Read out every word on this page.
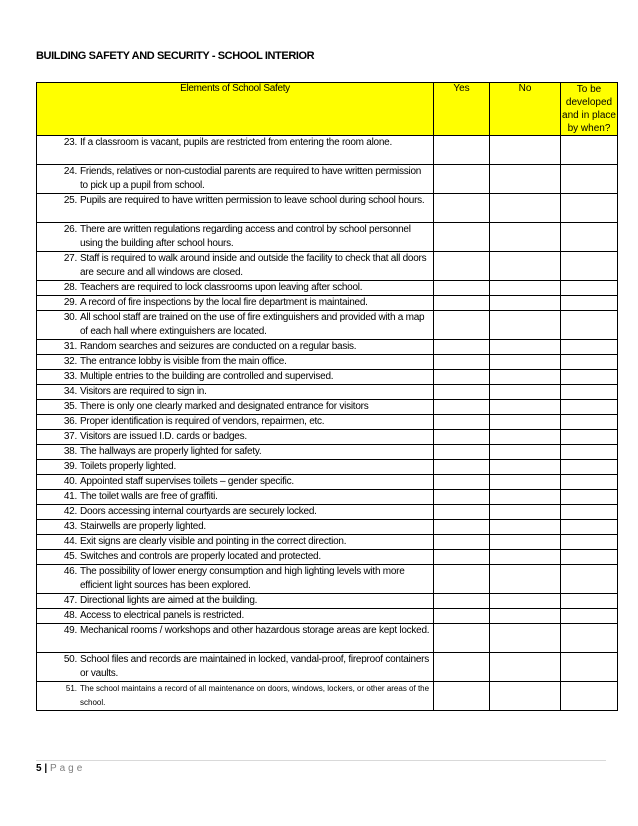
BUILDING SAFETY AND SECURITY - SCHOOL INTERIOR
Elements of School Safety	Yes	No	To be developed and in place by when?

23. If a classroom is vacant, pupils are restricted from entering the room alone.			

24. Friends, relatives or non-custodial parents are required to have written permission to pick up a pupil from school.			

25. Pupils are required to have written permission to leave school during school hours.			

26. There are written regulations regarding access and control by school personnel using the building after school hours.			

27. Staff is required to walk around inside and outside the facility to check that all doors are secure and all windows are closed.			

28. Teachers are required to lock classrooms upon leaving after school.			

29. A record of fire inspections by the local fire department is maintained.			

30. All school staff are trained on the use of fire extinguishers and provided with a map of each hall where extinguishers are located.			

31. Random searches and seizures are conducted on a regular basis.			

32. The entrance lobby is visible from the main office.			

33. Multiple entries to the building are controlled and supervised.			

34. Visitors are required to sign in.			

35. There is only one clearly marked and designated entrance for visitors			

36. Proper identification is required of vendors, repairmen, etc.			

37. Visitors are issued I.D. cards or badges.			

38. The hallways are properly lighted for safety.			

39. Toilets properly lighted.			

40. Appointed staff supervises toilets – gender specific.			

41. The toilet walls are free of graffiti.			

42. Doors accessing internal courtyards are securely locked.			

43. Stairwells are properly lighted.			

44. Exit signs are clearly visible and pointing in the correct direction.			

45. Switches and controls are properly located and protected.			

46. The possibility of lower energy consumption and high lighting levels with more efficient light sources has been explored.			

47. Directional lights are aimed at the building.			

48. Access to electrical panels is restricted.			

49. Mechanical rooms / workshops and other hazardous storage areas are kept locked.			

50. School files and records are maintained in locked, vandal-proof, fireproof containers or vaults.			

51. The school maintains a record of all maintenance on doors, windows, lockers, or other areas of the school.			

5 | Page
